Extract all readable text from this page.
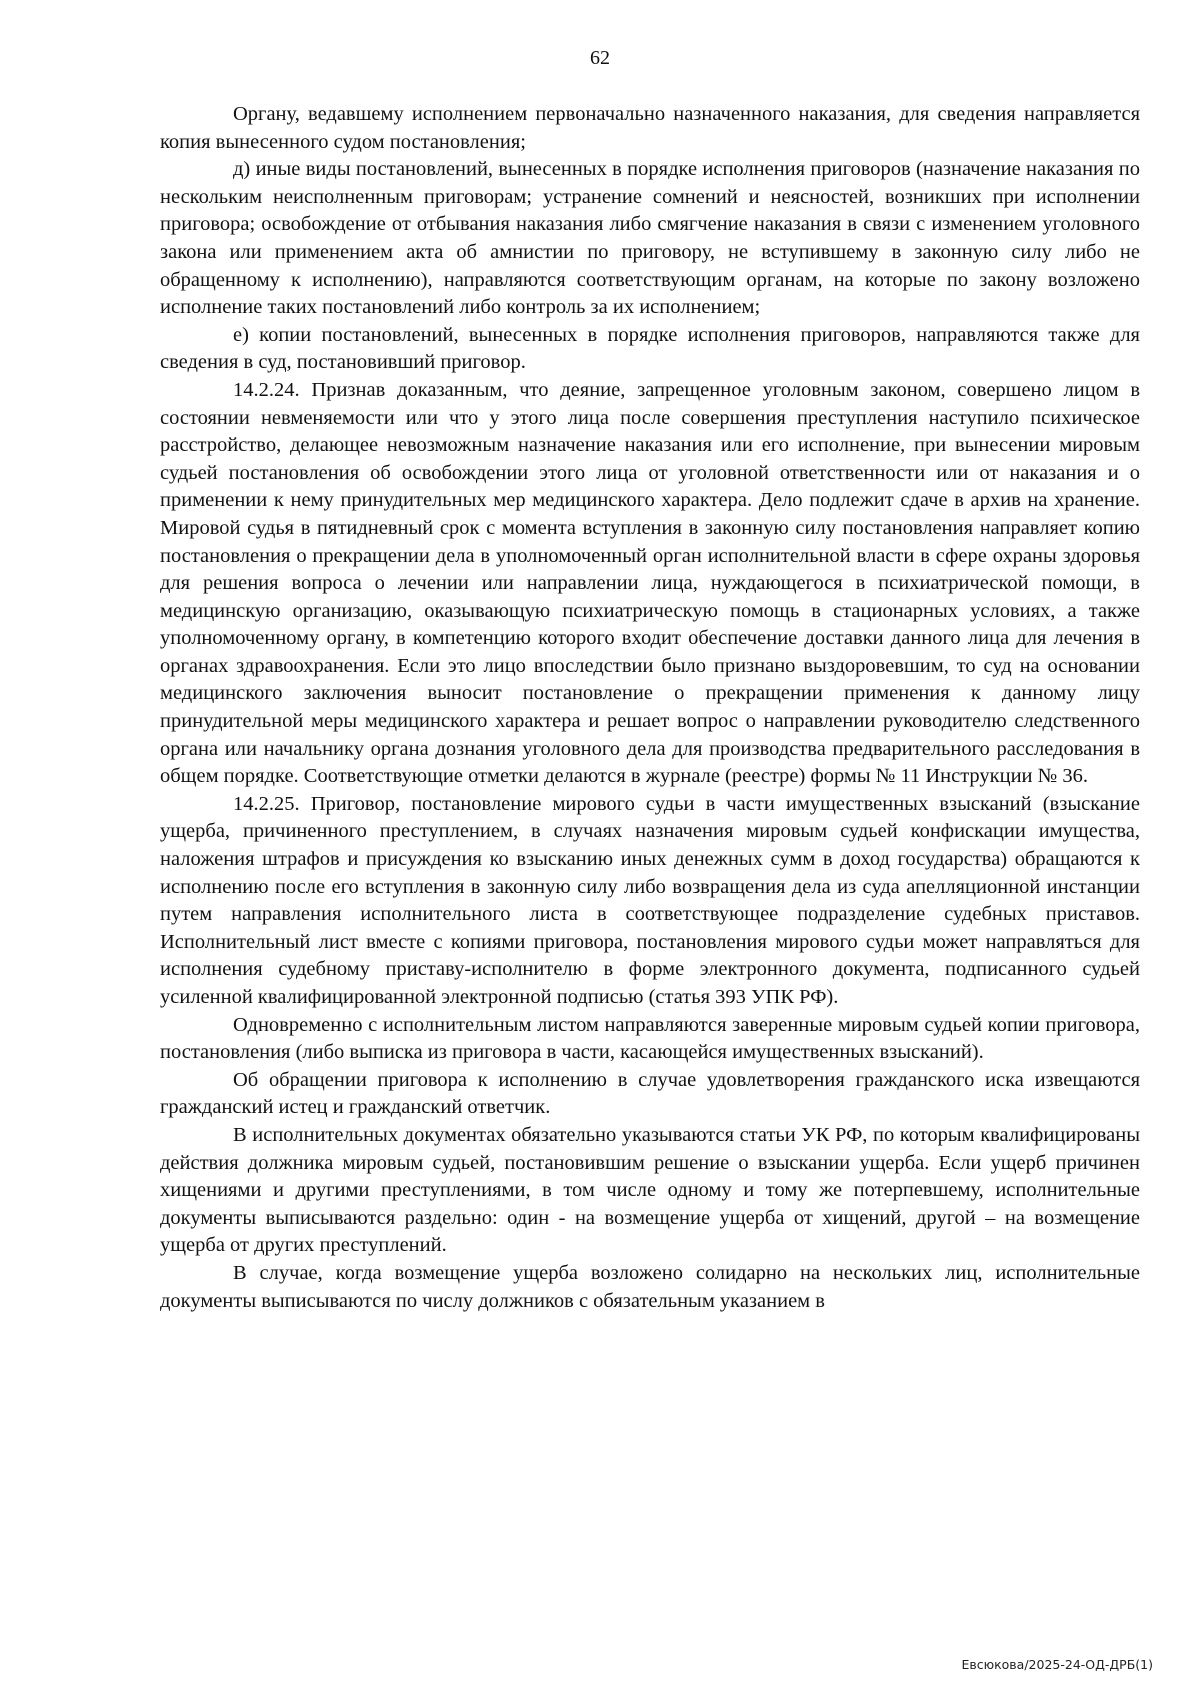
62

Органу, ведавшему исполнением первоначально назначенного наказания, для сведения направляется копия вынесенного судом постановления;

д) иные виды постановлений, вынесенных в порядке исполнения приговоров (назначение наказания по нескольким неисполненным приговорам; устранение сомнений и неясностей, возникших при исполнении приговора; освобождение от отбывания наказания либо смягчение наказания в связи с изменением уголовного закона или применением акта об амнистии по приговору, не вступившему в законную силу либо не обращенному к исполнению), направляются соответствующим органам, на которые по закону возложено исполнение таких постановлений либо контроль за их исполнением;

е) копии постановлений, вынесенных в порядке исполнения приговоров, направляются также для сведения в суд, постановивший приговор.

14.2.24. Признав доказанным, что деяние, запрещенное уголовным законом, совершено лицом в состоянии невменяемости или что у этого лица после совершения преступления наступило психическое расстройство, делающее невозможным назначение наказания или его исполнение, при вынесении мировым судьей постановления об освобождении этого лица от уголовной ответственности или от наказания и о применении к нему принудительных мер медицинского характера. Дело подлежит сдаче в архив на хранение. Мировой судья в пятидневный срок с момента вступления в законную силу постановления направляет копию постановления о прекращении дела в уполномоченный орган исполнительной власти в сфере охраны здоровья для решения вопроса о лечении или направлении лица, нуждающегося в психиатрической помощи, в медицинскую организацию, оказывающую психиатрическую помощь в стационарных условиях, а также уполномоченному органу, в компетенцию которого входит обеспечение доставки данного лица для лечения в органах здравоохранения. Если это лицо впоследствии было признано выздоровевшим, то суд на основании медицинского заключения выносит постановление о прекращении применения к данному лицу принудительной меры медицинского характера и решает вопрос о направлении руководителю следственного органа или начальнику органа дознания уголовного дела для производства предварительного расследования в общем порядке. Соответствующие отметки делаются в журнале (реестре) формы № 11 Инструкции № 36.

14.2.25. Приговор, постановление мирового судьи в части имущественных взысканий (взыскание ущерба, причиненного преступлением, в случаях назначения мировым судьей конфискации имущества, наложения штрафов и присуждения ко взысканию иных денежных сумм в доход государства) обращаются к исполнению после его вступления в законную силу либо возвращения дела из суда апелляционной инстанции путем направления исполнительного листа в соответствующее подразделение судебных приставов. Исполнительный лист вместе с копиями приговора, постановления мирового судьи может направляться для исполнения судебному приставу-исполнителю в форме электронного документа, подписанного судьей усиленной квалифицированной электронной подписью (статья 393 УПК РФ).

Одновременно с исполнительным листом направляются заверенные мировым судьей копии приговора, постановления (либо выписка из приговора в части, касающейся имущественных взысканий).

Об обращении приговора к исполнению в случае удовлетворения гражданского иска извещаются гражданский истец и гражданский ответчик.

В исполнительных документах обязательно указываются статьи УК РФ, по которым квалифицированы действия должника мировым судьей, постановившим решение о взыскании ущерба. Если ущерб причинен хищениями и другими преступлениями, в том числе одному и тому же потерпевшему, исполнительные документы выписываются раздельно: один - на возмещение ущерба от хищений, другой – на возмещение ущерба от других преступлений.

В случае, когда возмещение ущерба возложено солидарно на нескольких лиц, исполнительные документы выписываются по числу должников с обязательным указанием в

Евсюкова/2025-24-ОД-ДРБ(1)
